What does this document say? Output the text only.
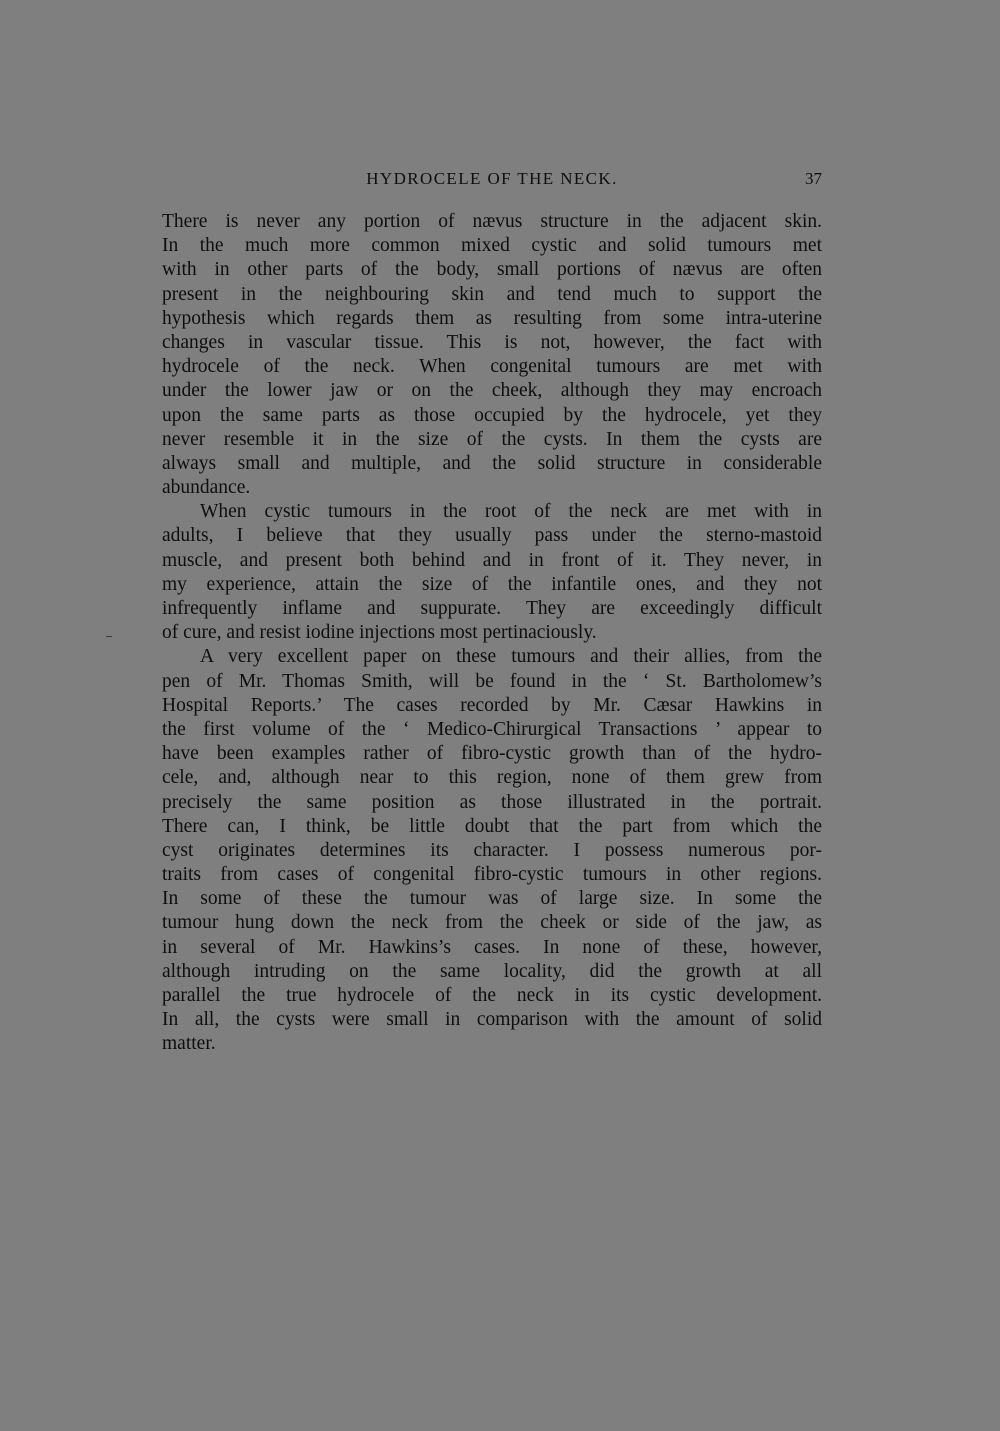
HYDROCELE OF THE NECK.	37
There is never any portion of nævus structure in the adjacent skin.
In the much more common mixed cystic and solid tumours met
with in other parts of the body, small portions of nævus are often
present in the neighbouring skin and tend much to support the
hypothesis which regards them as resulting from some intra-uterine
changes in vascular tissue. This is not, however, the fact with
hydrocele of the neck. When congenital tumours are met with
under the lower jaw or on the cheek, although they may encroach
upon the same parts as those occupied by the hydrocele, yet they
never resemble it in the size of the cysts. In them the cysts are
always small and multiple, and the solid structure in considerable
abundance.
When cystic tumours in the root of the neck are met with in
adults, I believe that they usually pass under the sterno-mastoid
muscle, and present both behind and in front of it. They never, in
my experience, attain the size of the infantile ones, and they not
infrequently inflame and suppurate. They are exceedingly difficult
of cure, and resist iodine injections most pertinaciously.
A very excellent paper on these tumours and their allies, from the
pen of Mr. Thomas Smith, will be found in the ‘ St. Bartholomew’s
Hospital Reports.’ The cases recorded by Mr. Cæsar Hawkins in
the first volume of the ‘ Medico-Chirurgical Transactions ’ appear to
have been examples rather of fibro-cystic growth than of the hydro-
cele, and, although near to this region, none of them grew from
precisely the same position as those illustrated in the portrait.
There can, I think, be little doubt that the part from which the
cyst originates determines its character. I possess numerous por-
traits from cases of congenital fibro-cystic tumours in other regions.
In some of these the tumour was of large size. In some the
tumour hung down the neck from the cheek or side of the jaw, as
in several of Mr. Hawkins’s cases. In none of these, however,
although intruding on the same locality, did the growth at all
parallel the true hydrocele of the neck in its cystic development.
In all, the cysts were small in comparison with the amount of solid
matter.
